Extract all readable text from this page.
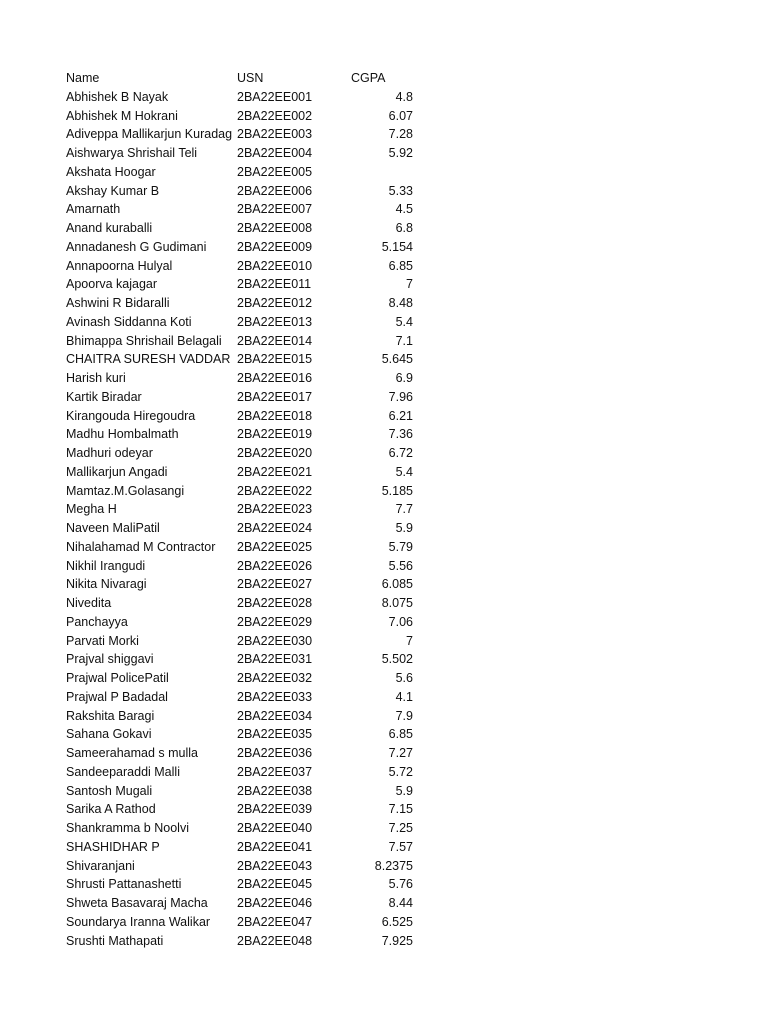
Name	USN	CGPA
Abhishek B Nayak	2BA22EE001	4.8
Abhishek M Hokrani	2BA22EE002	6.07
Adiveppa Mallikarjun Kuradag 2BA22EE003	7.28
Aishwarya Shrishail Teli	2BA22EE004	5.92
Akshata Hoogar	2BA22EE005
Akshay Kumar B	2BA22EE006	5.33
Amarnath	2BA22EE007	4.5
Anand kuraballi	2BA22EE008	6.8
Annadanesh G Gudimani	2BA22EE009	5.154
Annapoorna Hulyal	2BA22EE010	6.85
Apoorva kajagar	2BA22EE011	7
Ashwini R Bidaralli	2BA22EE012	8.48
Avinash Siddanna Koti	2BA22EE013	5.4
Bhimappa Shrishail Belagali	2BA22EE014	7.1
CHAITRA SURESH VADDAR 2BA22EE015	5.645
Harish kuri	2BA22EE016	6.9
Kartik Biradar	2BA22EE017	7.96
Kirangouda Hiregoudra	2BA22EE018	6.21
Madhu Hombalmath	2BA22EE019	7.36
Madhuri odeyar	2BA22EE020	6.72
Mallikarjun Angadi	2BA22EE021	5.4
Mamtaz.M.Golasangi	2BA22EE022	5.185
Megha H	2BA22EE023	7.7
Naveen MaliPatil	2BA22EE024	5.9
Nihalahamad M Contractor	2BA22EE025	5.79
Nikhil Irangudi	2BA22EE026	5.56
Nikita Nivaragi	2BA22EE027	6.085
Nivedita	2BA22EE028	8.075
Panchayya	2BA22EE029	7.06
Parvati Morki	2BA22EE030	7
Prajval shiggavi	2BA22EE031	5.502
Prajwal PolicePatil	2BA22EE032	5.6
Prajwal P Badadal	2BA22EE033	4.1
Rakshita Baragi	2BA22EE034	7.9
Sahana Gokavi	2BA22EE035	6.85
Sameerahamad s mulla	2BA22EE036	7.27
Sandeeparaddi Malli	2BA22EE037	5.72
Santosh Mugali	2BA22EE038	5.9
Sarika A Rathod	2BA22EE039	7.15
Shankramma b Noolvi	2BA22EE040	7.25
SHASHIDHAR P	2BA22EE041	7.57
Shivaranjani	2BA22EE043	8.2375
Shrusti Pattanashetti	2BA22EE045	5.76
Shweta Basavaraj Macha	2BA22EE046	8.44
Soundarya Iranna Walikar	2BA22EE047	6.525
Srushti Mathapati	2BA22EE048	7.925
